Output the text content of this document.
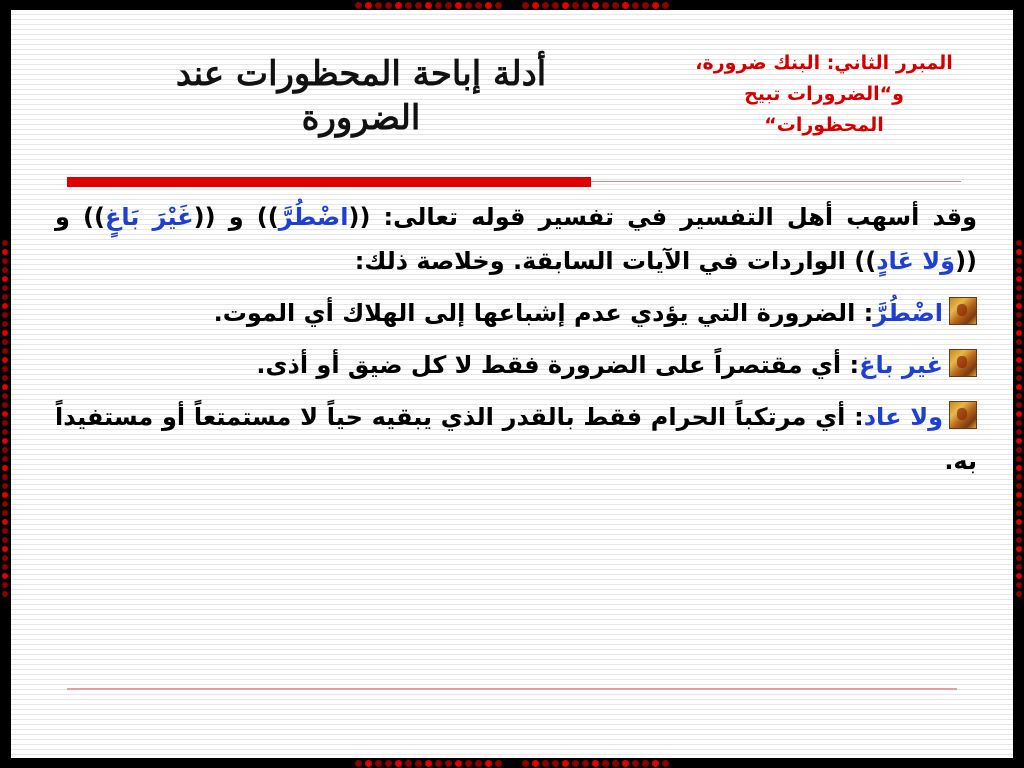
أدلة إباحة المحظورات عند الضرورة
المبرر الثاني: البنك ضرورة، و“الضرورات تبيح المحظورات“

وقد أسهب أهل التفسير في تفسير قوله تعالى: ((اضْطُرَّ)) و ((غَيْرَ بَاغٍ)) و ((وَلا عَادٍ)) الواردات في الآيات السابقة. وخلاصة ذلك:

اضْطُرَّ: الضرورة التي يؤدي عدم إشباعها إلى الهلاك أي الموت.
غير باغ: أي مقتصراً على الضرورة فقط لا كل ضيق أو أذى.
ولا عاد: أي مرتكباً الحرام فقط بالقدر الذي يبقيه حياً لا مستمتعاً أو مستفيداً به.
